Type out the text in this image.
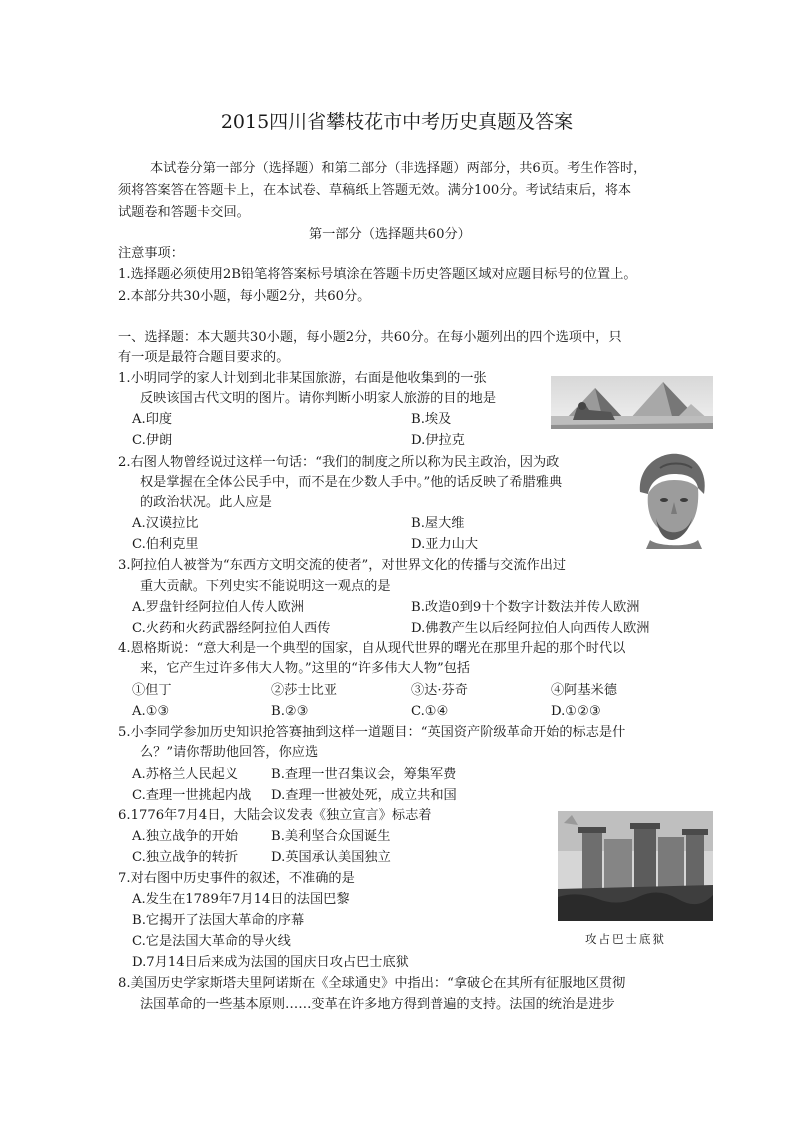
2015四川省攀枝花市中考历史真题及答案
本试卷分第一部分（选择题）和第二部分（非选择题）两部分，共6页。考生作答时，
须将答案答在答题卡上，在本试卷、草稿纸上答题无效。满分100分。考试结束后，将本
试题卷和答题卡交回。
第一部分（选择题共60分）
注意事项：
1.选择题必须使用2B铅笔将答案标号填涂在答题卡历史答题区域对应题目标号的位置上。
2.本部分共30小题，每小题2分，共60分。
一、选择题：本大题共30小题，每小题2分，共60分。在每小题列出的四个选项中，只
有一项是最符合题目要求的。
1.小明同学的家人计划到北非某国旅游，右面是他收集到的一张
反映该国古代文明的图片。请你判断小明家人旅游的目的地是
A.印度	B.埃及
C.伊朗	D.伊拉克
2.右图人物曾经说过这样一句话：“我们的制度之所以称为民主政治，因为政
权是掌握在全体公民手中，而不是在少数人手中。”他的话反映了希腊雅典
的政治状况。此人应是
A.汉谟拉比	B.屋大维
C.伯利克里	D.亚力山大
3.阿拉伯人被誉为“东西方文明交流的使者”，对世界文化的传播与交流作出过
重大贡献。下列史实不能说明这一观点的是
A.罗盘针经阿拉伯人传人欧洲	B.改造0到9十个数字计数法并传人欧洲
C.火药和火药武器经阿拉伯人西传	D.佛教产生以后经阿拉伯人向西传人欧洲
4.恩格斯说：“意大利是一个典型的国家，自从现代世界的曙光在那里升起的那个时代以
来，它产生过许多伟大人物。”这里的“许多伟大人物”包括
①但丁	②莎士比亚	③达·芬奇	④阿基米德
A.①③	B.②③	C.①④	D.①②③
5.小李同学参加历史知识抢答赛抽到这样一道题目：“英国资产阶级革命开始的标志是什
么？”请你帮助他回答，你应选
A.苏格兰人民起义 B.查理一世召集议会，筹集军费
C.查理一世挑起内战 D.查理一世被处死，成立共和国
6.1776年7月4日，大陆会议发表《独立宣言》标志着
A.独立战争的开始 B.美利坚合众国诞生
C.独立战争的转折 D.英国承认美国独立
攻占巴士底狱
7.对右图中历史事件的叙述，不准确的是
A.发生在1789年7月14日的法国巴黎
B.它揭开了法国大革命的序幕
C.它是法国大革命的导火线
D.7月14日后来成为法国的国庆日攻占巴士底狱
8.美国历史学家斯塔夫里阿诺斯在《全球通史》中指出：“拿破仑在其所有征服地区贯彻
法国革命的一些基本原则……变革在许多地方得到普遍的支持。法国的统治是进步
